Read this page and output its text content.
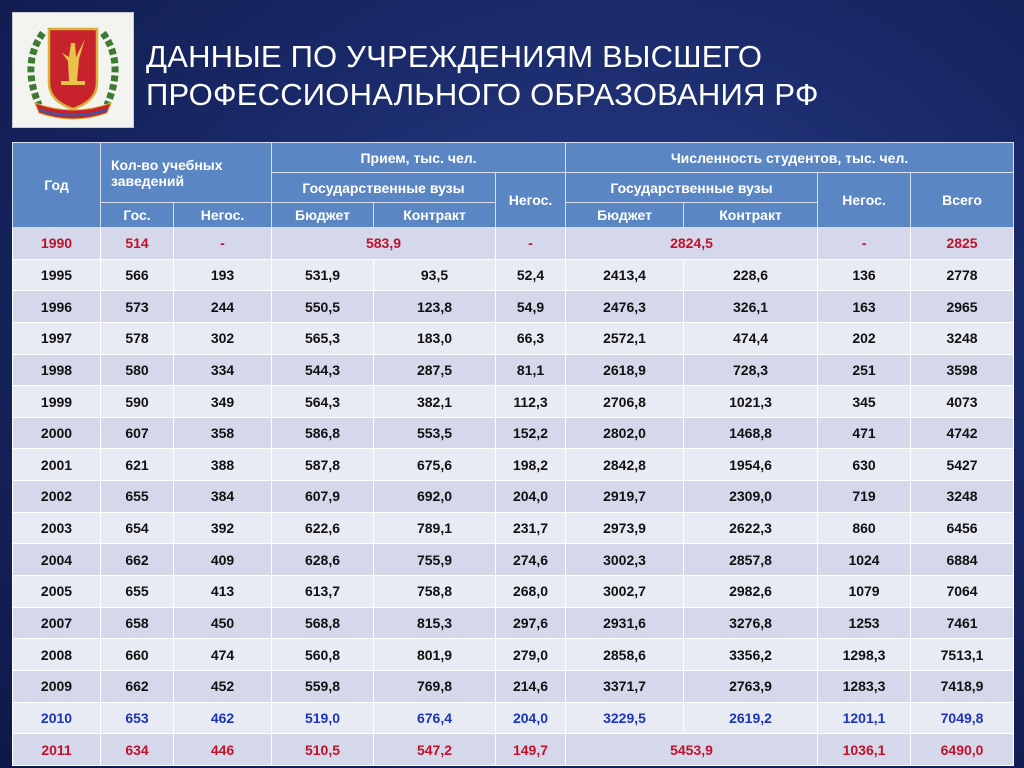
ДАННЫЕ ПО УЧРЕЖДЕНИЯМ ВЫСШЕГО
ПРОФЕССИОНАЛЬНОГО ОБРАЗОВАНИЯ РФ
Год	Кол-во учебных заведений		Прием, тыс. чел.			Численность студентов, тыс. чел.			
			Государственные вузы		Негос.	Государственные вузы		Негос.	Всего
	Гос.	Негос.	Бюджет	Контракт		Бюджет	Контракт		
1990	514	-	583,9		-	2824,5		-	2825
1995	566	193	531,9	93,5	52,4	2413,4	228,6	136	2778
1996	573	244	550,5	123,8	54,9	2476,3	326,1	163	2965
1997	578	302	565,3	183,0	66,3	2572,1	474,4	202	3248
1998	580	334	544,3	287,5	81,1	2618,9	728,3	251	3598
1999	590	349	564,3	382,1	112,3	2706,8	1021,3	345	4073
2000	607	358	586,8	553,5	152,2	2802,0	1468,8	471	4742
2001	621	388	587,8	675,6	198,2	2842,8	1954,6	630	5427
2002	655	384	607,9	692,0	204,0	2919,7	2309,0	719	3248
2003	654	392	622,6	789,1	231,7	2973,9	2622,3	860	6456
2004	662	409	628,6	755,9	274,6	3002,3	2857,8	1024	6884
2005	655	413	613,7	758,8	268,0	3002,7	2982,6	1079	7064
2007	658	450	568,8	815,3	297,6	2931,6	3276,8	1253	7461
2008	660	474	560,8	801,9	279,0	2858,6	3356,2	1298,3	7513,1
2009	662	452	559,8	769,8	214,6	3371,7	2763,9	1283,3	7418,9
2010	653	462	519,0	676,4	204,0	3229,5	2619,2	1201,1	7049,8
2011	634	446	510,5	547,2	149,7	5453,9		1036,1	6490,0
